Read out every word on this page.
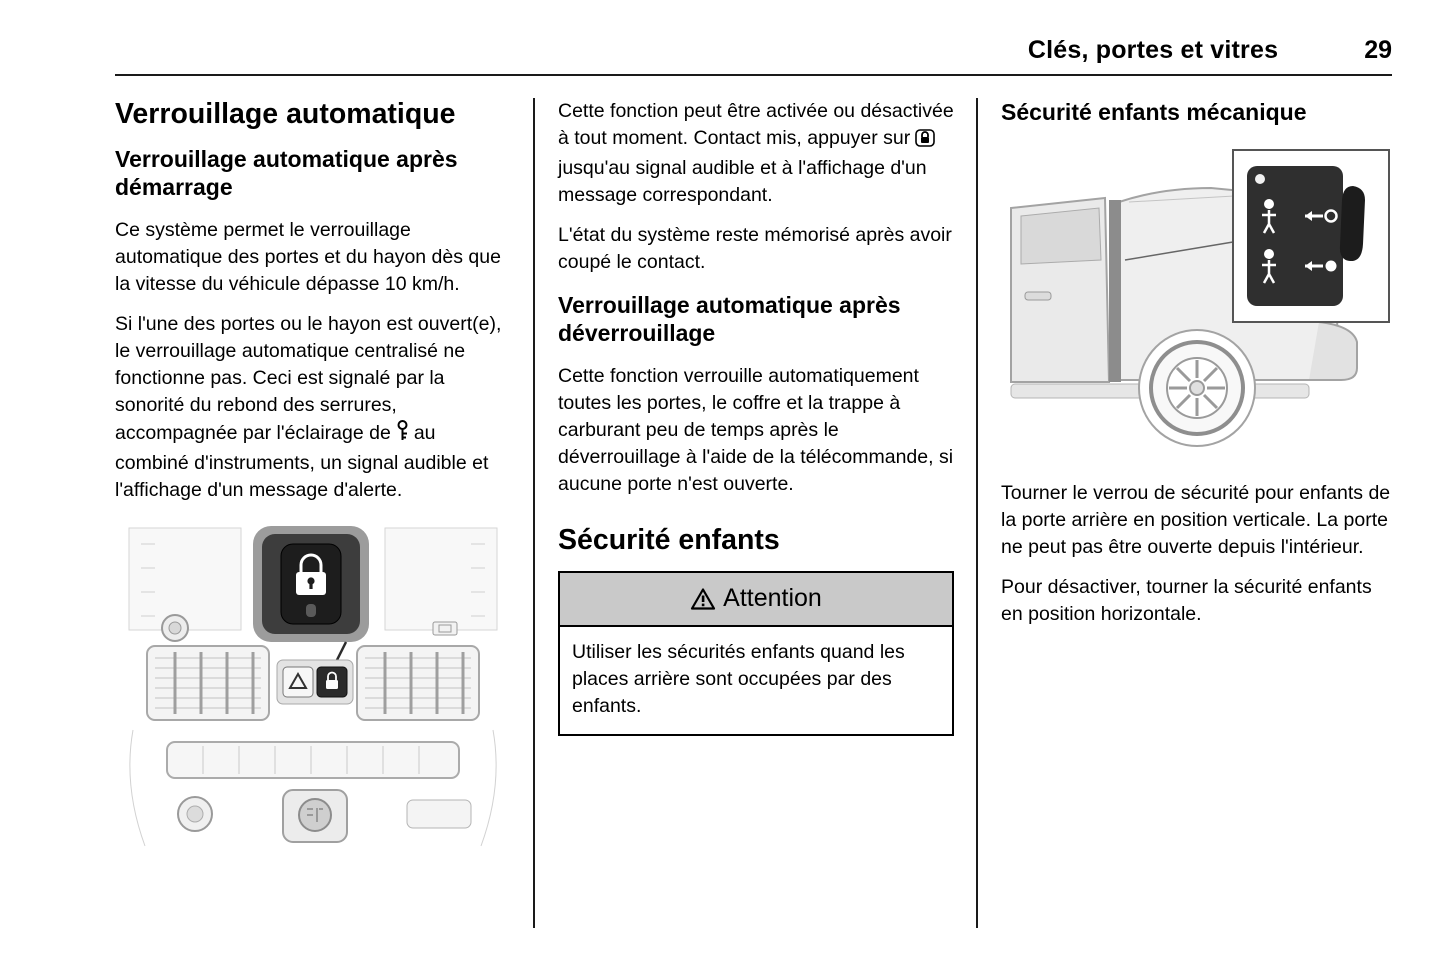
Clés, portes et vitres	29
Verrouillage automatique
Verrouillage automatique après démarrage

Ce système permet le verrouillage automatique des portes et du hayon dès que la vitesse du véhicule dépasse 10 km/h.

Si l'une des portes ou le hayon est ouvert(e), le verrouillage automatique centralisé ne fonctionne pas. Ceci est signalé par la sonorité du rebond des serrures, accompagnée par l'éclairage de au combiné d'instruments, un signal audible et l'affichage d'un message d'alerte.

Cette fonction peut être activée ou désactivée à tout moment. Contact mis, appuyer surjusqu'au signal audible et à l'affichage d'un message correspondant.

L'état du système reste mémorisé après avoir coupé le contact.

Verrouillage automatique après déverrouillage

Cette fonction verrouille automatiquement toutes les portes, le coffre et la trappe à carburant peu de temps après le déverrouillage à l'aide de la télécommande, si aucune porte n'est ouverte.

Sécurité enfants
Attention
Utiliser les sécurités enfants quand les places arrière sont occupées par des enfants.
Sécurité enfants mécanique

Tourner le verrou de sécurité pour enfants de la porte arrière en position verticale. La porte ne peut pas être ouverte depuis l'intérieur.

Pour désactiver, tourner la sécurité enfants en position horizontale.
